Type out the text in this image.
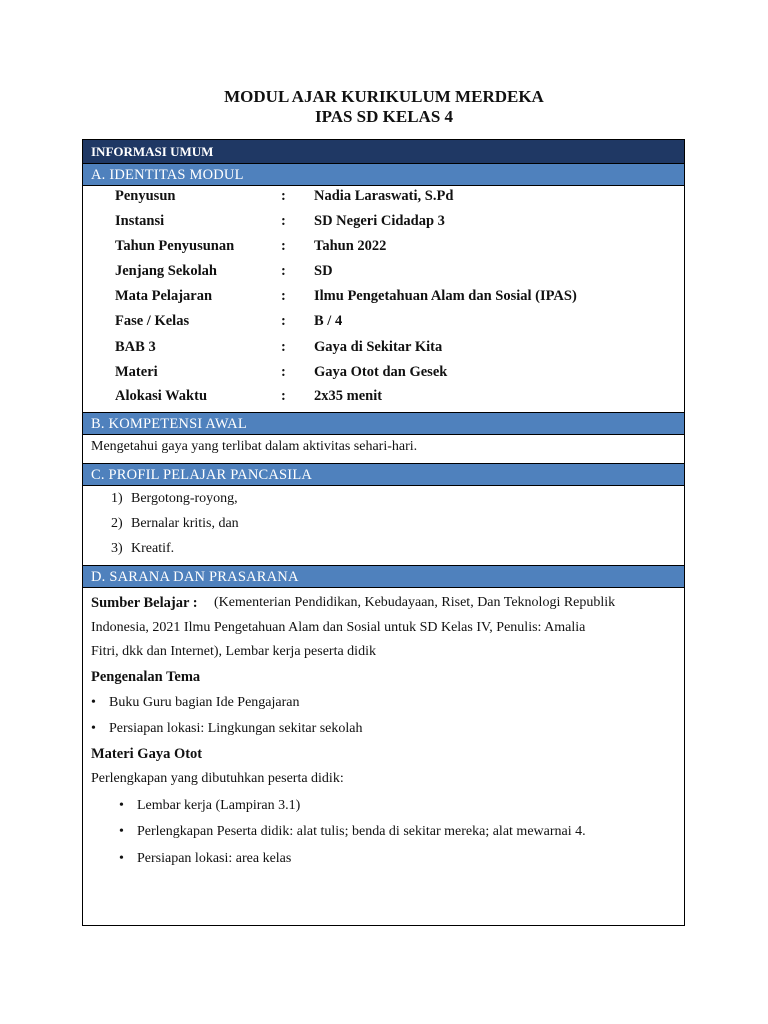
MODUL AJAR KURIKULUM MERDEKA
IPAS SD KELAS 4
INFORMASI UMUM
A. IDENTITAS MODUL
Penyusun	: Nadia Laraswati, S.Pd
Instansi	: SD Negeri Cidadap 3
Tahun Penyusunan	: Tahun 2022
Jenjang Sekolah	: SD
Mata Pelajaran	: Ilmu Pengetahuan Alam dan Sosial (IPAS)
Fase / Kelas	: B / 4
BAB 3	: Gaya di Sekitar Kita
Materi	: Gaya Otot dan Gesek
Alokasi Waktu	: 2x35 menit
B. KOMPETENSI AWAL
Mengetahui gaya yang terlibat dalam aktivitas sehari-hari.
C. PROFIL PELAJAR PANCASILA
1) Bergotong-royong,
2) Bernalar kritis, dan
3) Kreatif.
D. SARANA DAN PRASARANA
Sumber Belajar : (Kementerian Pendidikan, Kebudayaan, Riset, Dan Teknologi Republik
Indonesia, 2021 Ilmu Pengetahuan Alam dan Sosial untuk SD Kelas IV, Penulis: Amalia
Fitri, dkk dan Internet), Lembar kerja peserta didik
Pengenalan Tema
• Buku Guru bagian Ide Pengajaran
• Persiapan lokasi: Lingkungan sekitar sekolah
Materi Gaya Otot
Perlengkapan yang dibutuhkan peserta didik:
• Lembar kerja (Lampiran 3.1)
• Perlengkapan Peserta didik: alat tulis; benda di sekitar mereka; alat mewarnai 4.
• Persiapan lokasi: area kelas
